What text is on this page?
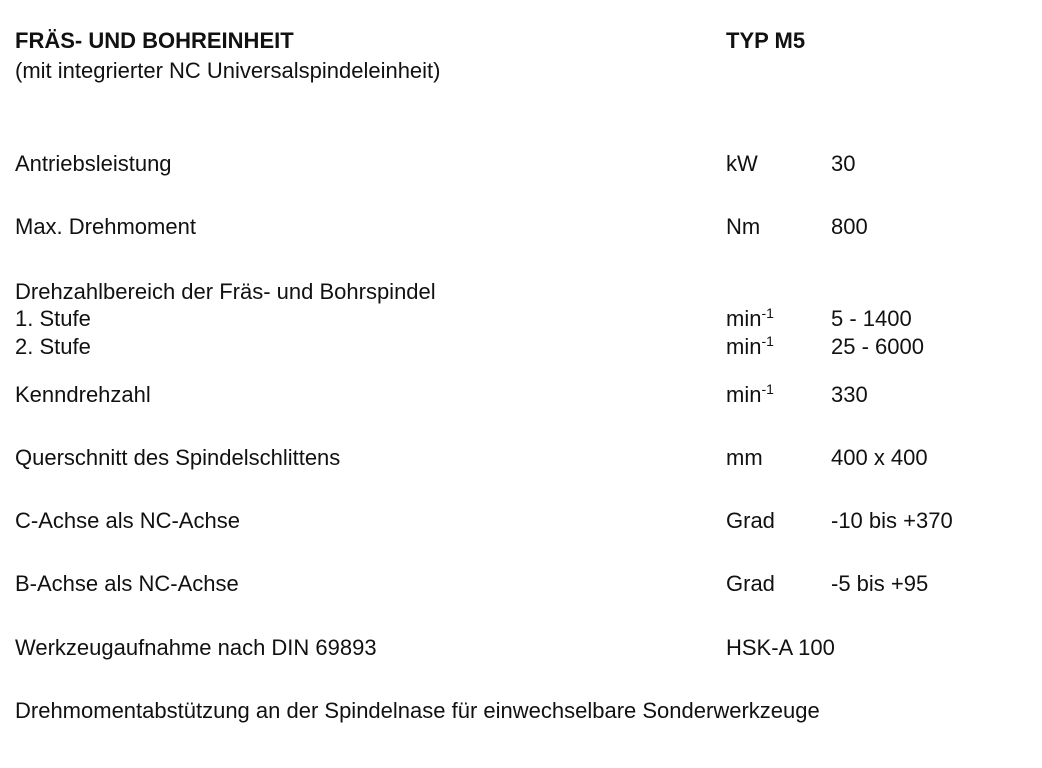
FRÄS- UND BOHREINHEIT
(mit integrierter NC Universalspindeleinheit)
TYP M5
Antriebsleistung	kW	30
Max. Drehmoment	Nm	800
Drehzahlbereich der Fräs- und Bohrspindel
1. Stufe	$\min^{-1}$	5 - 1400
2. Stufe	$\min^{-1}$	25 - 6000
Kenndrehzahl	$\min^{-1}$	330
Querschnitt des Spindelschlittens	mm	400 x 400
C-Achse als NC-Achse	Grad	-10 bis +370
B-Achse als NC-Achse	Grad	-5 bis +95
Werkzeugaufnahme nach DIN 69893	HSK-A 100
Drehmomentabstützung an der Spindelnase für einwechselbare Sonderwerkzeuge
